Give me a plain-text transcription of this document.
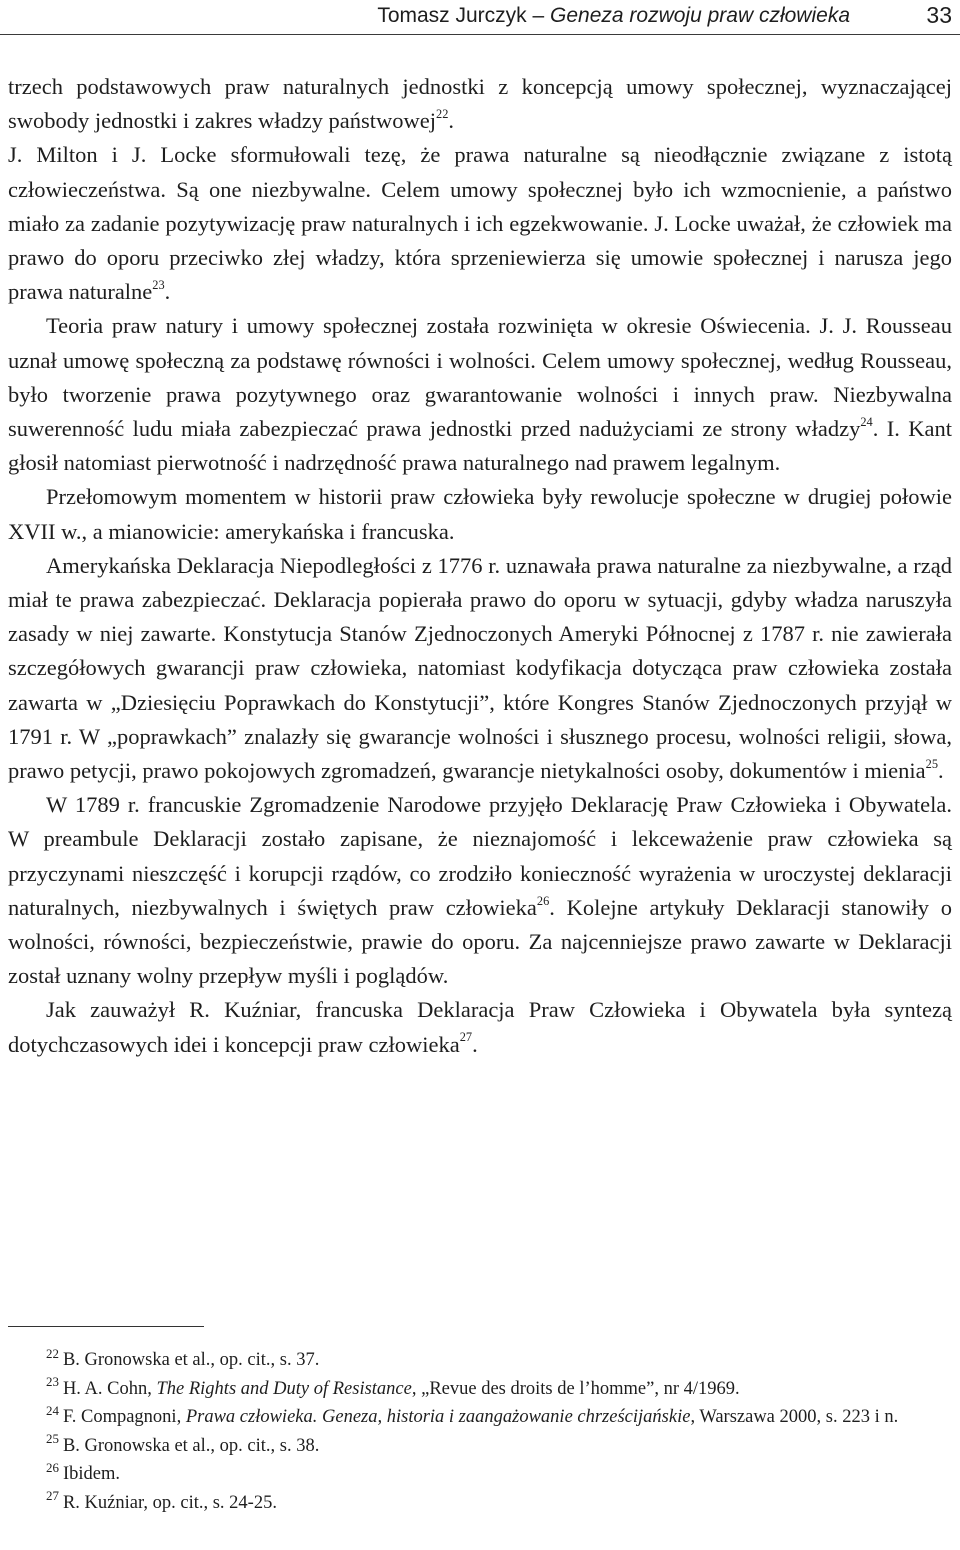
Tomasz Jurczyk – Geneza rozwoju praw człowieka	33

trzech podstawowych praw naturalnych jednostki z koncepcją umowy społecznej, wyznaczającej swobody jednostki i zakres władzy państwowej$^{22}$.

J. Milton i J. Locke sformułowali tezę, że prawa naturalne są nieodłącznie związane z istotą człowieczeństwa. Są one niezbywalne. Celem umowy społecznej było ich wzmocnienie, a państwo miało za zadanie pozytywizację praw naturalnych i ich egzekwowanie. J. Locke uważał, że człowiek ma prawo do oporu przeciwko złej władzy, która sprzeniewierza się umowie społecznej i narusza jego prawa naturalne$^{23}$.

Teoria praw natury i umowy społecznej została rozwinięta w okresie Oświecenia. J. J. Rousseau uznał umowę społeczną za podstawę równości i wolności. Celem umowy społecznej, według Rousseau, było tworzenie prawa pozytywnego oraz gwarantowanie wolności i innych praw. Niezbywalna suwerenność ludu miała zabezpieczać prawa jednostki przed nadużyciami ze strony władzy$^{24}$. I. Kant głosił natomiast pierwotność i nadrzędność prawa naturalnego nad prawem legalnym.

Przełomowym momentem w historii praw człowieka były rewolucje społeczne w drugiej połowie XVII w., a mianowicie: amerykańska i francuska.

Amerykańska Deklaracja Niepodległości z 1776 r. uznawała prawa naturalne za niezbywalne, a rząd miał te prawa zabezpieczać. Deklaracja popierała prawo do oporu w sytuacji, gdyby władza naruszyła zasady w niej zawarte. Konstytucja Stanów Zjednoczonych Ameryki Północnej z 1787 r. nie zawierała szczegółowych gwarancji praw człowieka, natomiast kodyfikacja dotycząca praw człowieka została zawarta w „Dziesięciu Poprawkach do Konstytucji”, które Kongres Stanów Zjednoczonych przyjął w 1791 r. W „poprawkach” znalazły się gwarancje wolności i słusznego procesu, wolności religii, słowa, prawo petycji, prawo pokojowych zgromadzeń, gwarancje nietykalności osoby, dokumentów i mienia$^{25}$.

W 1789 r. francuskie Zgromadzenie Narodowe przyjęło Deklarację Praw Człowieka i Obywatela. W preambule Deklaracji zostało zapisane, że nieznajomość i lekceważenie praw człowieka są przyczynami nieszczęść i korupcji rządów, co zrodziło konieczność wyrażenia w uroczystej deklaracji naturalnych, niezbywalnych i świętych praw człowieka$^{26}$. Kolejne artykuły Deklaracji stanowiły o wolności, równości, bezpieczeństwie, prawie do oporu. Za najcenniejsze prawo zawarte w Deklaracji został uznany wolny przepływ myśli i poglądów.

Jak zauważył R. Kuźniar, francuska Deklaracja Praw Człowieka i Obywatela była syntezą dotychczasowych idei i koncepcji praw człowieka$^{27}$.

$^{22}$ B. Gronowska et al., op. cit., s. 37.

$^{23}$ H. A. Cohn, The Rights and Duty of Resistance, „Revue des droits de l’homme”, nr 4/1969.

$^{24}$ F. Compagnoni, Prawa człowieka. Geneza, historia i zaangażowanie chrześcijańskie, Warszawa 2000, s. 223 i n.

$^{25}$ B. Gronowska et al., op. cit., s. 38.

$^{26}$ Ibidem.

$^{27}$ R. Kuźniar, op. cit., s. 24-25.
